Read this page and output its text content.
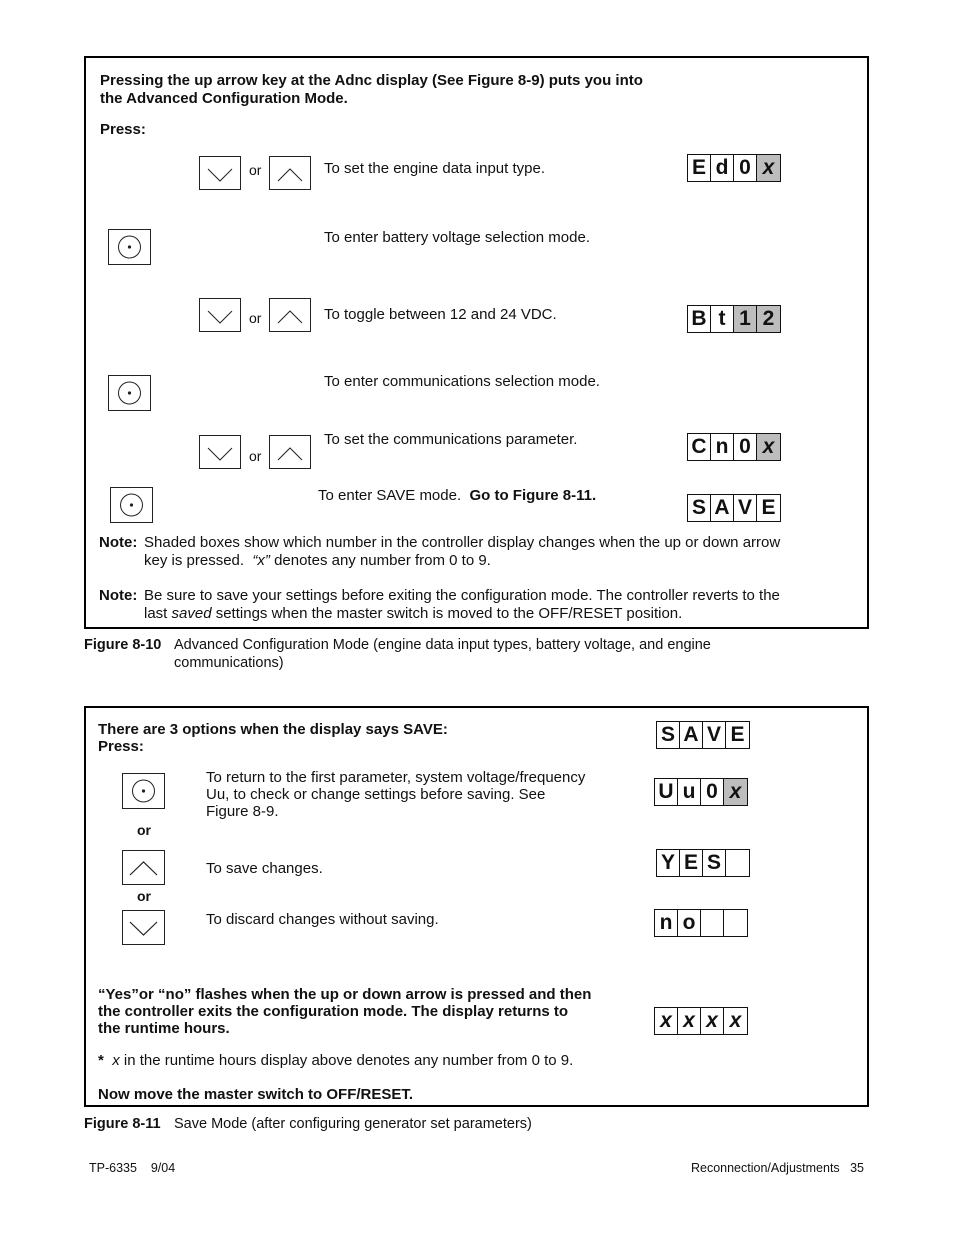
Pressing the up arrow key at the Adnc display (See Figure 8-9) puts you into
the Advanced Configuration Mode.
Press:
or	To set the engine data input type.	E d 0 x
To enter battery voltage selection mode.
or	To toggle between 12 and 24 VDC.	B t 1 2
To enter communications selection mode.
or
To set the communications parameter.	C n 0 x
To enter SAVE mode. Go to Figure 8-11.
S A V E
Note: Shaded boxes show which number in the controller display changes when the up or down arrow
key is pressed. “x” denotes any number from 0 to 9.
Note: Be sure to save your settings before exiting the configuration mode. The controller reverts to the
last saved settings when the master switch is moved to the OFF/RESET position.
Figure 8-10 Advanced Configuration Mode (engine data input types, battery voltage, and engine
communications)
There are 3 options when the display says SAVE:
Press:
S A V E
To return to the first parameter, system voltage/frequency
Uu, to check or change settings before saving. See
Figure 8-9.
U u 0 x
or
To save changes.	Y E S
or
To discard changes without saving.	n o
“Yes”or “no” flashes when the up or down arrow is pressed and then
the controller exits the configuration mode. The display returns to
the runtime hours.	x x x x
* x in the runtime hours display above denotes any number from 0 to 9.
Now move the master switch to OFF/RESET.
Figure 8-11 Save Mode (after configuring generator set parameters)
TP-6335    9/04	Reconnection/Adjustments   35
